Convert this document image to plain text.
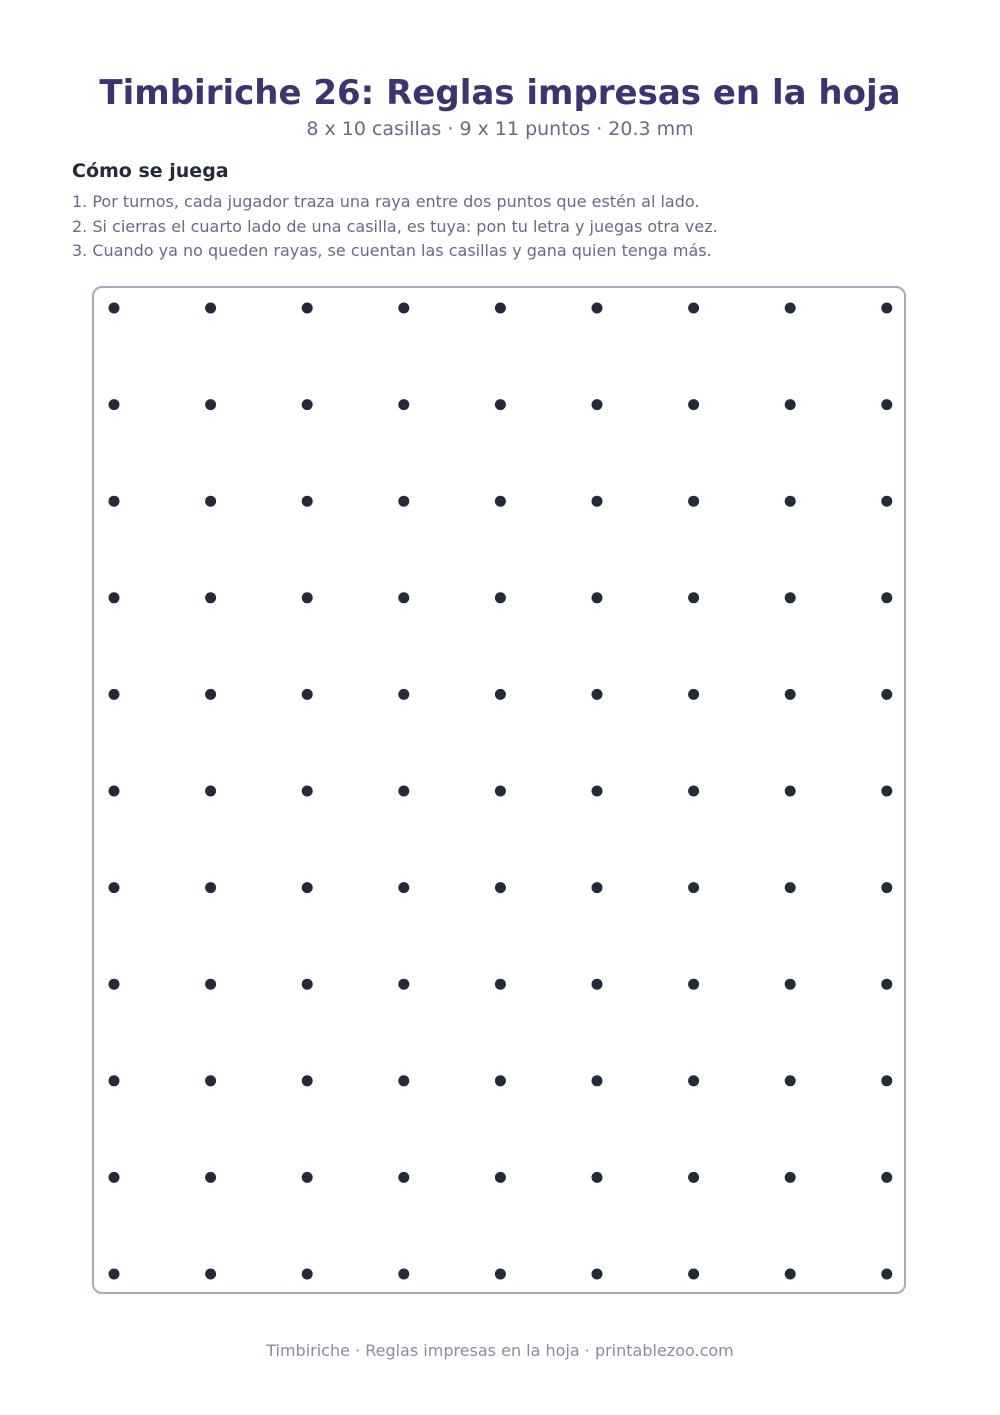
Timbiriche 26: Reglas impresas en la hoja
8 x 10 casillas · 9 x 11 puntos · 20.3 mm
Cómo se juega
1. Por turnos, cada jugador traza una raya entre dos puntos que estén al lado.
2. Si cierras el cuarto lado de una casilla, es tuya: pon tu letra y juegas otra vez.
3. Cuando ya no queden rayas, se cuentan las casillas y gana quien tenga más.
Timbiriche · Reglas impresas en la hoja · printablezoo.com
